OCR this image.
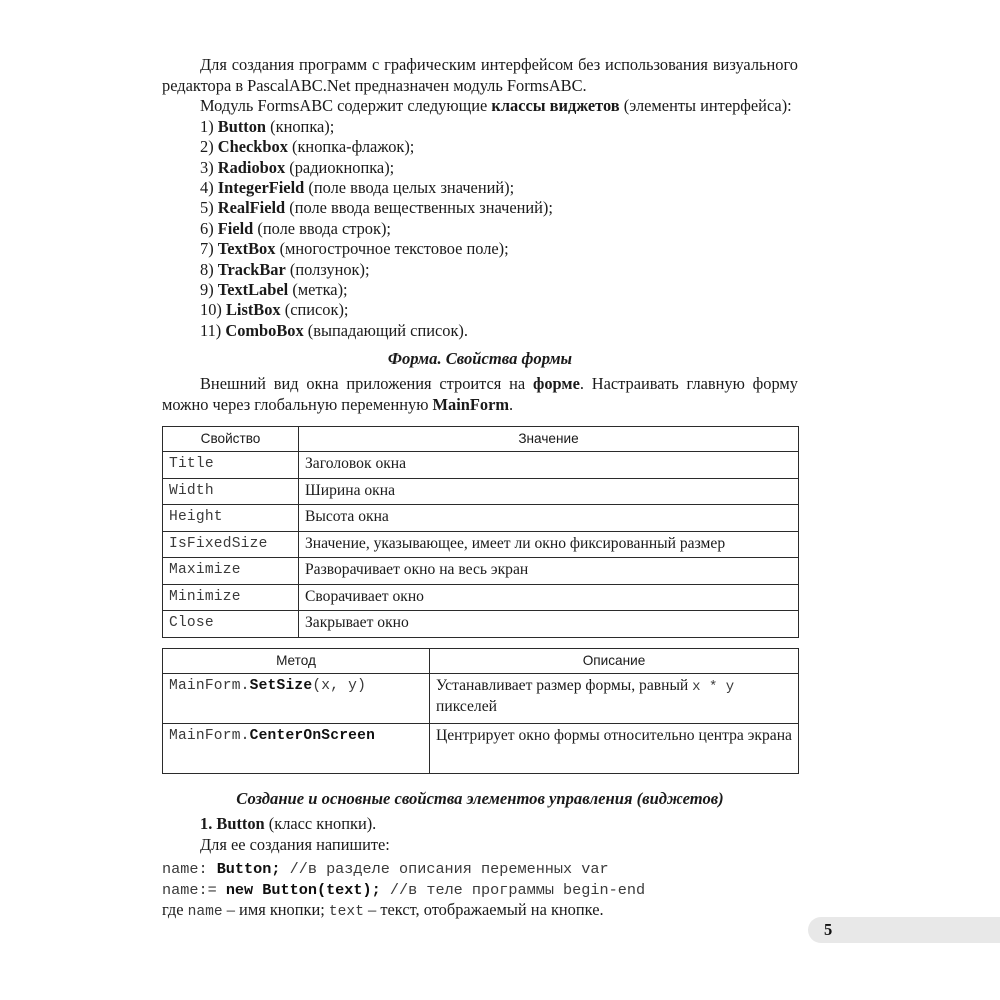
Для создания программ с графическим интерфейсом без использования визуального редактора в PascalABC.Net предназначен модуль FormsABC.

Модуль FormsABC содержит следующие классы виджетов (элементы интерфейса):

1) Button (кнопка);

2) Checkbox (кнопка-флажок);

3) Radiobox (радиокнопка);

4) IntegerField (поле ввода целых значений);

5) RealField (поле ввода вещественных значений);

6) Field (поле ввода строк);

7) TextBox (многострочное текстовое поле);

8) TrackBar (ползунок);

9) TextLabel (метка);

10) ListBox (список);

11) ComboBox (выпадающий список).

Форма. Свойства формы

Внешний вид окна приложения строится на форме. Настраивать главную форму можно через глобальную переменную MainForm.

Свойство	Значение
Title	Заголовок окна
Width	Ширина окна
Height	Высота окна
IsFixedSize	Значение, указывающее, имеет ли окно фиксированный размер
Maximize	Разворачивает окно на весь экран
Minimize	Сворачивает окно
Close	Закрывает окно
Метод	Описание
MainForm.SetSize(x, y)	Устанавливает размер формы, равный x * y пикселей
MainForm.CenterOnScreen	Центрирует окно формы относительно центра экрана
Создание и основные свойства элементов управления (виджетов)

1. Button (класс кнопки).

Для ее создания напишите:

name: Button; //в разделе описания переменных var

name:= new Button(text); //в теле программы begin-end

где name – имя кнопки; text – текст, отображаемый на кнопке.

5
